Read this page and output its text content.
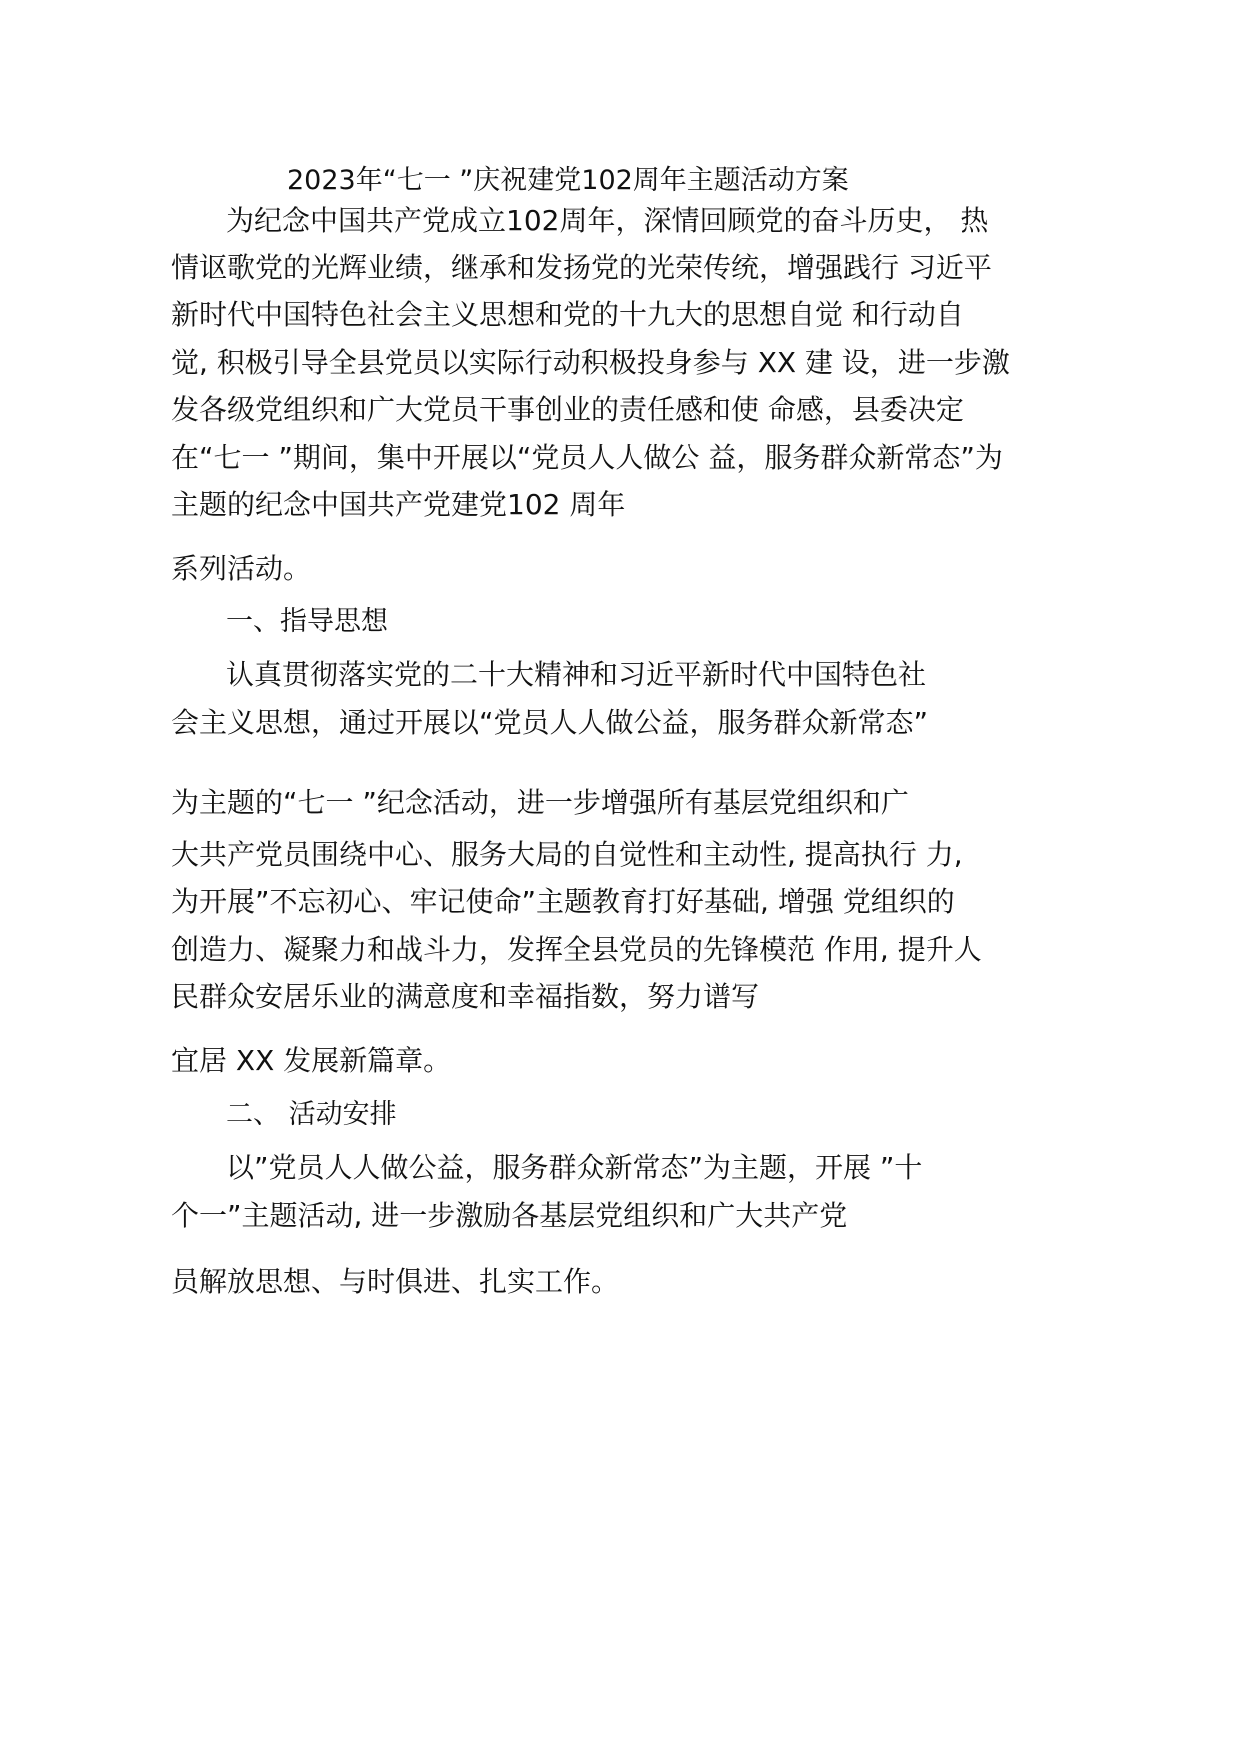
2023年“七一 ”庆祝建党102周年主题活动方案
为纪念中国共产党成立102周年，深情回顾党的奋斗历史， 热
情讴歌党的光辉业绩，继承和发扬党的光荣传统，增强践行 习近平
新时代中国特色社会主义思想和党的十九大的思想自觉 和行动自
觉, 积极引导全县党员以实际行动积极投身参与 XX 建 设，进一步激
发各级党组织和广大党员干事创业的责任感和使 命感，县委决定
在“七一 ”期间，集中开展以“党员人人做公 益，服务群众新常态”为
主题的纪念中国共产党建党102 周年
系列活动。
一、指导思想
认真贯彻落实党的二十大精神和习近平新时代中国特色社
会主义思想，通过开展以“党员人人做公益，服务群众新常态”
为主题的“七一 ”纪念活动，进一步增强所有基层党组织和广
大共产党员围绕中心、服务大局的自觉性和主动性, 提高执行 力,
为开展”不忘初心、牢记使命”主题教育打好基础, 增强 党组织的
创造力、凝聚力和战斗力，发挥全县党员的先锋模范 作用, 提升人
民群众安居乐业的满意度和幸福指数，努力谱写
宜居 XX 发展新篇章。
二、 活动安排
以”党员人人做公益，服务群众新常态”为主题，开展 ”十
个一”主题活动, 进一步激励各基层党组织和广大共产党
员解放思想、与时俱进、扎实工作。
